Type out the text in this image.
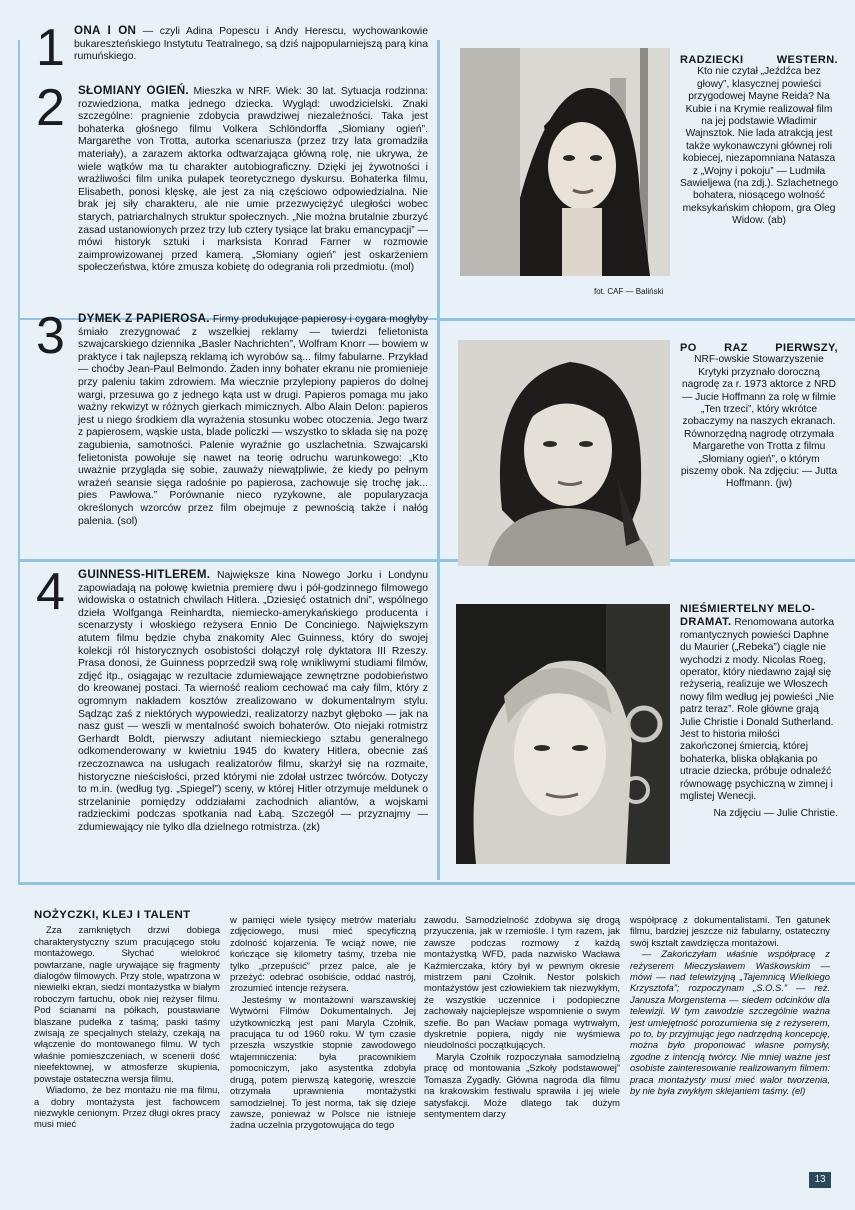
1 ONA I ON — czyli Adina Popescu i Andy Herescu, wychowankowie bukareszteńskiego Instytutu Teatralnego, są dziś najpopularniejszą parą kina rumuńskiego.
2	SŁOMIANY OGIEŃ. Mieszka w NRF. Wiek: 30 lat. Sytuacja rodzinna: rozwiedziona, matka jednego dziecka. Wygląd: uwodzicielski. Znaki szczególne: pragnienie zdobycia prawdziwej niezależności. Taka jest bohaterka głośnego filmu Volkera Schlöndorffa „Słomiany ogień”. Margarethe von Trotta, autorka scenariusza (przez trzy lata gromadziła materiały), a zarazem aktorka odtwarzająca główną rolę, nie ukrywa, że wiele wątków ma tu charakter autobiograficzny. Dzięki jej żywotności i wrażliwości film unika pułapek teoretycznego dyskursu. Bohaterka filmu, Elisabeth, ponosi klęskę, ale jest za nią częściowo odpowiedzialna. Nie brak jej siły charakteru, ale nie umie przezwyciężyć uległości wobec starych, patriarchalnych struktur społecznych. „Nie można brutalnie zburzyć zasad ustanowionych przez trzy lub cztery tysiące lat braku emancypacji” — mówi historyk sztuki i marksista Konrad Farner w rozmowie zaimprowizowanej przed kamerą. „Słomiany ogień” jest oskarżeniem społeczeństwa, które zmusza kobietę do odegrania roli przedmiotu. (mol)
3	DYMEK Z PAPIEROSA. Firmy produkujące papierosy i cygara mogłyby śmiało zrezygnować z wszelkiej reklamy — twierdzi felietonista szwajcarskiego dziennika „Basler Nachrichten”, Wolfram Knorr — bowiem w praktyce i tak najlepszą reklamą ich wyrobów są... filmy fabularne. Przykład — choćby Jean-Paul Belmondo. Żaden inny bohater ekranu nie promienieje przy paleniu takim zdrowiem. Ma wiecznie przylepiony papieros do dolnej wargi, przesuwa go z jednego kąta ust w drugi. Papieros pomaga mu jako ważny rekwizyt w różnych gierkach mimicznych. Albo Alain Delon: papieros jest u niego środkiem dla wyrażenia stosunku wobec otoczenia. Jego twarz z papierosem, wąskie usta, blade policzki — wszystko to składa się na pozę zagubienia, samotności. Palenie wyraźnie go uszlachetnia. Szwajcarski felietonista powołuje się nawet na teorię odruchu warunkowego: „Kto uważnie przygląda się sobie, zauważy niewątpliwie, że kiedy po pełnym wrażeń seansie sięga radośnie po papierosa, zachowuje się trochę jak... pies Pawłowa.” Porównanie nieco ryzykowne, ale popularyzacja określonych wzorców przez film obejmuje z pewnością także i nałóg palenia. (sol)
4	GUINNESS-HITLEREM. Największe kina Nowego Jorku i Londynu zapowiadają na połowę kwietnia premierę dwu i pół-godzinnego filmowego widowiska o ostatnich chwilach Hitlera. „Dziesięć ostatnich dni”, wspólnego dzieła Wolfganga Reinhardta, niemiecko-amerykańskiego producenta i scenarzysty i włoskiego reżysera Ennio De Conciniego. Największym atutem filmu będzie chyba znakomity Alec Guinness, który do swojej kolekcji ról historycznych osobistości dołączył rolę dyktatora III Rzeszy. Prasa donosi, że Guinness poprzedził swą rolę wnikliwymi studiami filmów, zdjęć itp., osiągając w rezultacie zdumiewające zewnętrzne podobieństwo do kreowanej postaci. Ta wierność realiom cechować ma cały film, który z ogromnym nakładem kosztów zrealizowano w dokumentalnym stylu. Sądząc zaś z niektórych wypowiedzi, realizatorzy nazbyt głęboko — jak na nasz gust — weszli w mentalność swoich bohaterów. Oto niejaki rotmistrz Gerhardt Boldt, pierwszy adiutant niemieckiego sztabu generalnego odkomenderowany w kwietniu 1945 do kwatery Hitlera, obecnie zaś rzeczoznawca na usługach realizatorów filmu, skarżył się na rozmaite, historyczne nieścisłości, przed którymi nie zdołał ustrzec twórców. Dotyczy to m.in. (według tyg. „Spiegel”) sceny, w której Hitler otrzymuje meldunek o strzelaninie pomiędzy oddziałami zachodnich aliantów, a wojskami radzieckimi podczas spotkania nad Łabą. Szczegół — przyznajmy — zdumiewający nie tylko dla dzielnego rotmistrza. (zk)
fot. CAF — Baliński
RADZIECKI WESTERN.
Kto nie czytał „Jeźdźca bez głowy”, klasycznej powieści przygodowej Mayne Reida? Na Kubie i na Krymie realizował film na jej podstawie Władimir Wajnsztok. Nie lada atrakcją jest także wykonawczyni głównej roli kobiecej, niezapomniana Natasza z „Wojny i pokoju” — Ludmiła Sawieljewa (na zdj.). Szlachetnego bohatera, niosącego wolność meksykańskim chłopom, gra Oleg Widow. (ab)
PO RAZ PIERWSZY,
NRF-owskie Stowarzyszenie Krytyki przyznało doroczną nagrodę za r. 1973 aktorce z NRD — Jucie Hoffmann za rolę w filmie „Ten trzeci”, który wkrótce zobaczymy na naszych ekranach. Równorzędną nagrodę otrzymała Margarethe von Trotta z filmu „Słomiany ogień”, o którym piszemy obok. Na zdjęciu: — Jutta Hoffmann. (jw)
NIEŚMIERTELNY MELO-DRAMAT. Renomowana autorka romantycznych powieści Daphne du Maurier („Rebeka”) ciągle nie wychodzi z mody. Nicolas Roeg, operator, który niedawno zajął się reżyserią, realizuje we Włoszech nowy film według jej powieści „Nie patrz teraz”. Role główne grają Julie Christie i Donald Sutherland. Jest to historia miłości zakończonej śmiercią, której bohaterka, bliska obłąkania po utracie dziecka, próbuje odnaleźć równowagę psychiczną w zimnej i mglistej Wenecji.
Na zdjęciu — Julie Christie.
NOŻYCZKI, KLEJ I TALENT

Zza zamkniętych drzwi dobiega charakterystyczny szum pracującego stołu montażowego. Słychać wielokroć powtarzane, nagle urywające się fragmenty dialogów filmowych. Przy stole, wpatrzona w niewielki ekran, siedzi montażystka w białym roboczym fartuchu, obok niej reżyser filmu. Pod ścianami na półkach, poustawiane blaszane pudełka z taśmą; paski taśmy zwisają ze specjalnych stelaży, czekają na włączenie do montowanego filmu. W tych właśnie pomieszczeniach, w scenerii dość nieefektownej, w atmosferze skupienia, powstaje ostateczna wersja filmu.

Wiadomo, że bez montażu nie ma filmu, a dobry montażysta jest fachowcem niezwykle cenionym. Przez długi okres pracy musi mieć

w pamięci wiele tysięcy metrów materiału zdjęciowego, musi mieć specyficzną zdolność kojarzenia. Te wciąż nowe, nie kończące się kilometry taśmy, trzeba nie tylko „przepuścić” przez palce, ale je przeżyć: odebrać osobiście, oddać nastrój, zrozumieć intencje reżysera.

Jesteśmy w montażowni warszawskiej Wytwórni Filmów Dokumentalnych. Jej użytkowniczką jest pani Maryla Czołnik, pracująca tu od 1960 roku. W tym czasie przeszła wszystkie stopnie zawodowego wtajemniczenia: była pracownikiem pomocniczym, jako asystentka zdobyła drugą, potem pierwszą kategorię, wreszcie otrzymała uprawnienia montażystki samodzielnej. To jest norma, tak się dzieje zawsze, ponieważ w Polsce nie istnieje żadna uczelnia przygotowująca do tego

zawodu. Samodzielność zdobywa się drogą przyuczenia, jak w rzemiośle. I tym razem, jak zawsze podczas rozmowy z każdą montażystką WFD, pada nazwisko Wacława Kaźmierczaka, który był w pewnym okresie mistrzem pani Czołnik. Nestor polskich montażystów jest człowiekiem tak niezwykłym, że wszystkie uczennice i podopieczne zachowały najcieplejsze wspomnienie o swym szefie. Bo pan Wacław pomaga wytrwałym, dyskretnie popiera, nigdy nie wyśmiewa nieudolności początkujących.

Maryla Czołnik rozpoczynała samodzielną pracę od montowania „Szkoły podstawowej” Tomasza Zygadły. Główna nagroda dla filmu na krakowskim festiwalu sprawiła i jej wiele satysfakcji. Może dlatego tak dużym sentymentem darzy

współpracę z dokumentalistami. Ten gatunek filmu, bardziej jeszcze niż fabularny, ostateczny swój kształt zawdzięcza montażowi.

— Zakończyłam właśnie współpracę z reżyserem Mieczysławem Waśkowskim — mówi — nad telewizyjną „Tajemnicą Wielkiego Krzysztofa”; rozpoczynam „S.O.S.” — reż. Janusza Morgensterna — siedem odcinków dla telewizji. W tym zawodzie szczególnie ważna jest umiejętność porozumienia się z reżyserem, po to, by przyjmując jego nadrzędną koncepcję, można było proponować własne pomysły, zgodne z intencją twórcy. Nie mniej ważne jest osobiste zainteresowanie realizowanym filmem: praca montażysty musi mieć walor tworzenia, by nie była zwykłym sklejaniem taśmy. (el)

13
